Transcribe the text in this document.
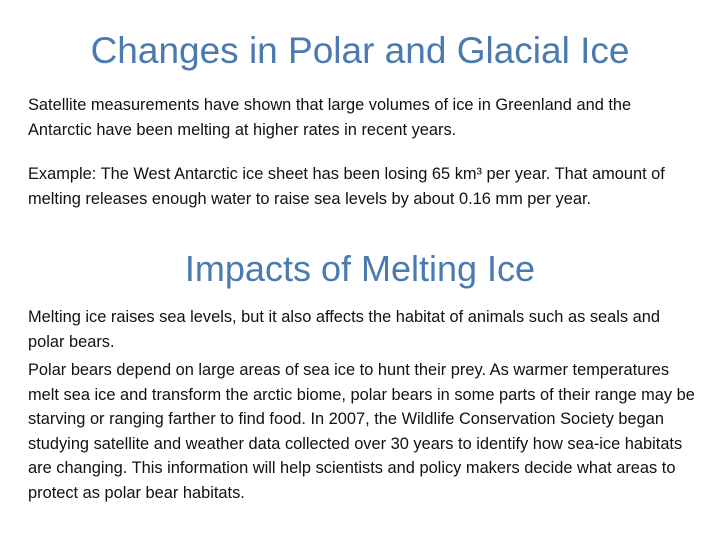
Changes in Polar and Glacial Ice

Satellite measurements have shown that large volumes of ice in Greenland and the Antarctic have been melting at higher rates in recent years.

Example: The West Antarctic ice sheet has been losing 65 km³ per year. That amount of melting releases enough water to raise sea levels by about 0.16 mm per year.

Impacts of Melting Ice

Melting ice raises sea levels, but it also affects the habitat of animals such as seals and polar bears.

Polar bears depend on large areas of sea ice to hunt their prey. As warmer temperatures melt sea ice and transform the arctic biome, polar bears in some parts of their range may be starving or ranging farther to find food. In 2007, the Wildlife Conservation Society began studying satellite and weather data collected over 30 years to identify how sea-ice habitats are changing. This information will help scientists and policy makers decide what areas to protect as polar bear habitats.
